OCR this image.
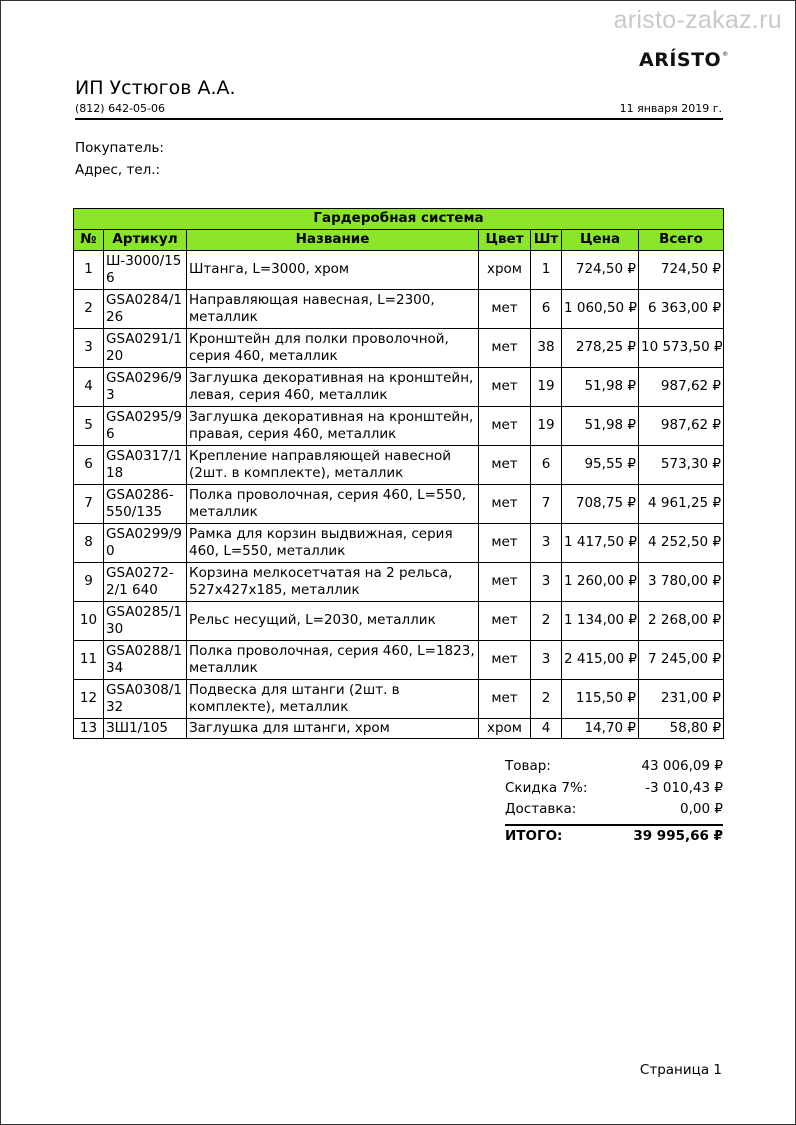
aristo-zakaz.ru
ARÍSTO®
ИП Устюгов А.А.
(812) 642-05-06	11 января 2019 г.
Покупатель:
Адрес, тел.:
Гардеробная система						
№	Артикул	Название	Цвет	Шт	Цена	Всего
1	Ш-3000/156	Штанга, L=3000, хром	хром	1	724,50 ₽	724,50 ₽
2	GSA0284/126	Направляющая навесная, L=2300, металлик	мет	6	1 060,50 ₽	6 363,00 ₽
3	GSA0291/120	Кронштейн для полки проволочной, серия 460, металлик	мет	38	278,25 ₽	10 573,50 ₽
4	GSA0296/93	Заглушка декоративная на кронштейн, левая, серия 460, металлик	мет	19	51,98 ₽	987,62 ₽
5	GSA0295/96	Заглушка декоративная на кронштейн, правая, серия 460, металлик	мет	19	51,98 ₽	987,62 ₽
6	GSA0317/118	Крепление направляющей навесной (2шт. в комплекте), металлик	мет	6	95,55 ₽	573,30 ₽
7	GSA0286-550/135	Полка проволочная, серия 460, L=550, металлик	мет	7	708,75 ₽	4 961,25 ₽
8	GSA0299/90	Рамка для корзин выдвижная, серия 460, L=550, металлик	мет	3	1 417,50 ₽	4 252,50 ₽
9	GSA0272-2/1 640	Корзина мелкосетчатая на 2 рельса, 527x427x185, металлик	мет	3	1 260,00 ₽	3 780,00 ₽
10	GSA0285/130	Рельс несущий, L=2030, металлик	мет	2	1 134,00 ₽	2 268,00 ₽
11	GSA0288/134	Полка проволочная, серия 460, L=1823, металлик	мет	3	2 415,00 ₽	7 245,00 ₽
12	GSA0308/132	Подвеска для штанги (2шт. в комплекте), металлик	мет	2	115,50 ₽	231,00 ₽
13	ЗШ1/105	Заглушка для штанги, хром	хром	4	14,70 ₽	58,80 ₽
Товар:	43 006,09 ₽
Скидка 7%:	-3 010,43 ₽
Доставка:	0,00 ₽
ИТОГО:	39 995,66 ₽
Страница 1
